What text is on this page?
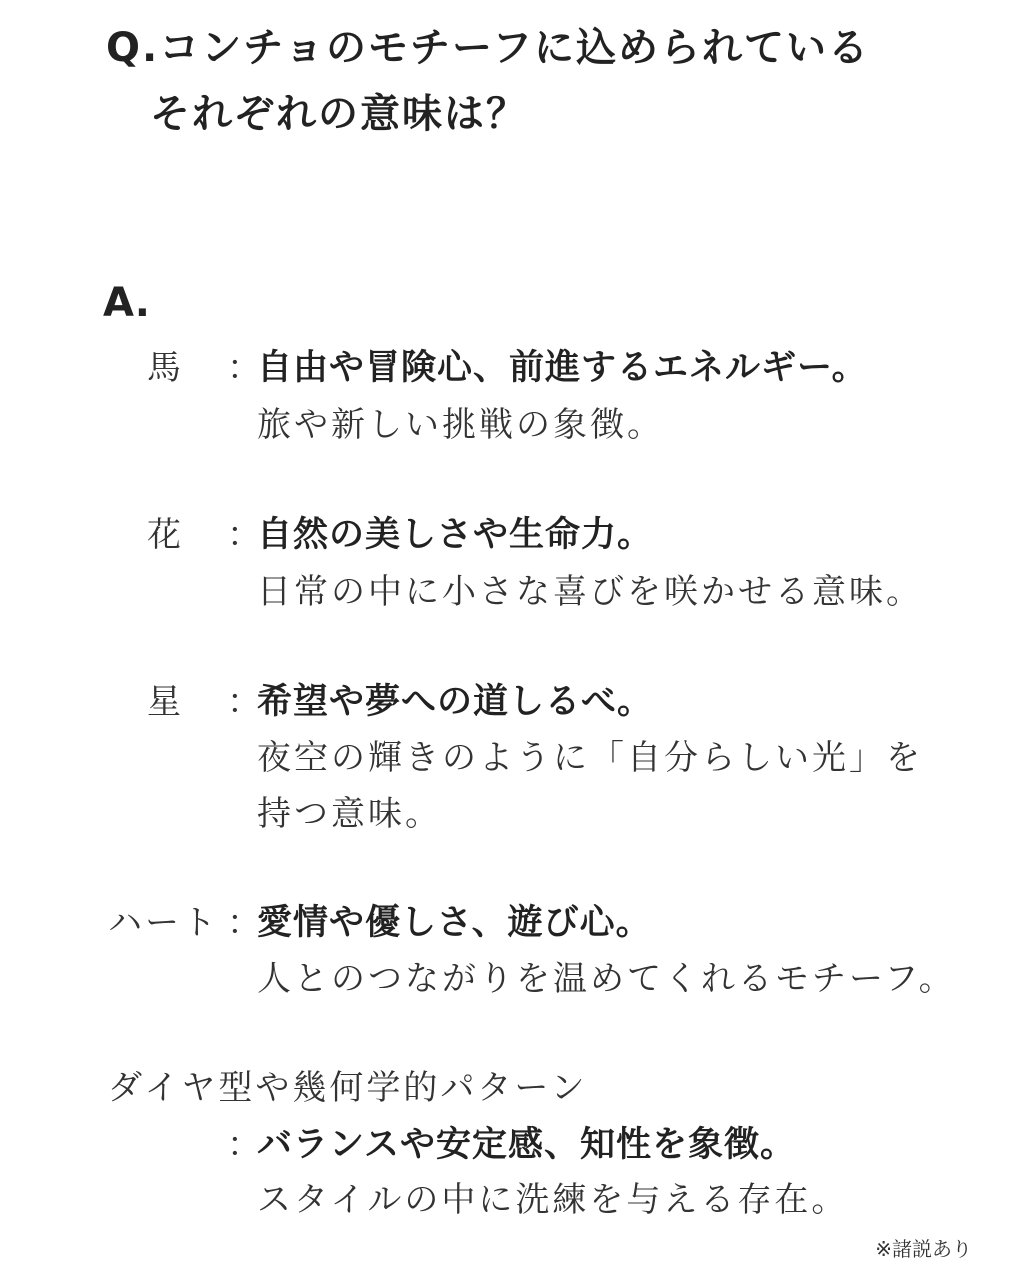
Q.コンチョのモチーフに込められている
それぞれの意味は？
A.
馬 ：
自由や冒険心、前進するエネルギー。
旅や新しい挑戦の象徴。
花 ：
自然の美しさや生命力。
日常の中に小さな喜びを咲かせる意味。
星 ：
希望や夢への道しるべ。
夜空の輝きのように「自分らしい光」を
持つ意味。
ハート ：
愛情や優しさ、遊び心。
人とのつながりを温めてくれるモチーフ。
ダイヤ型や幾何学的パターン
：
バランスや安定感、知性を象徴。
スタイルの中に洗練を与える存在。
※諸説あり
